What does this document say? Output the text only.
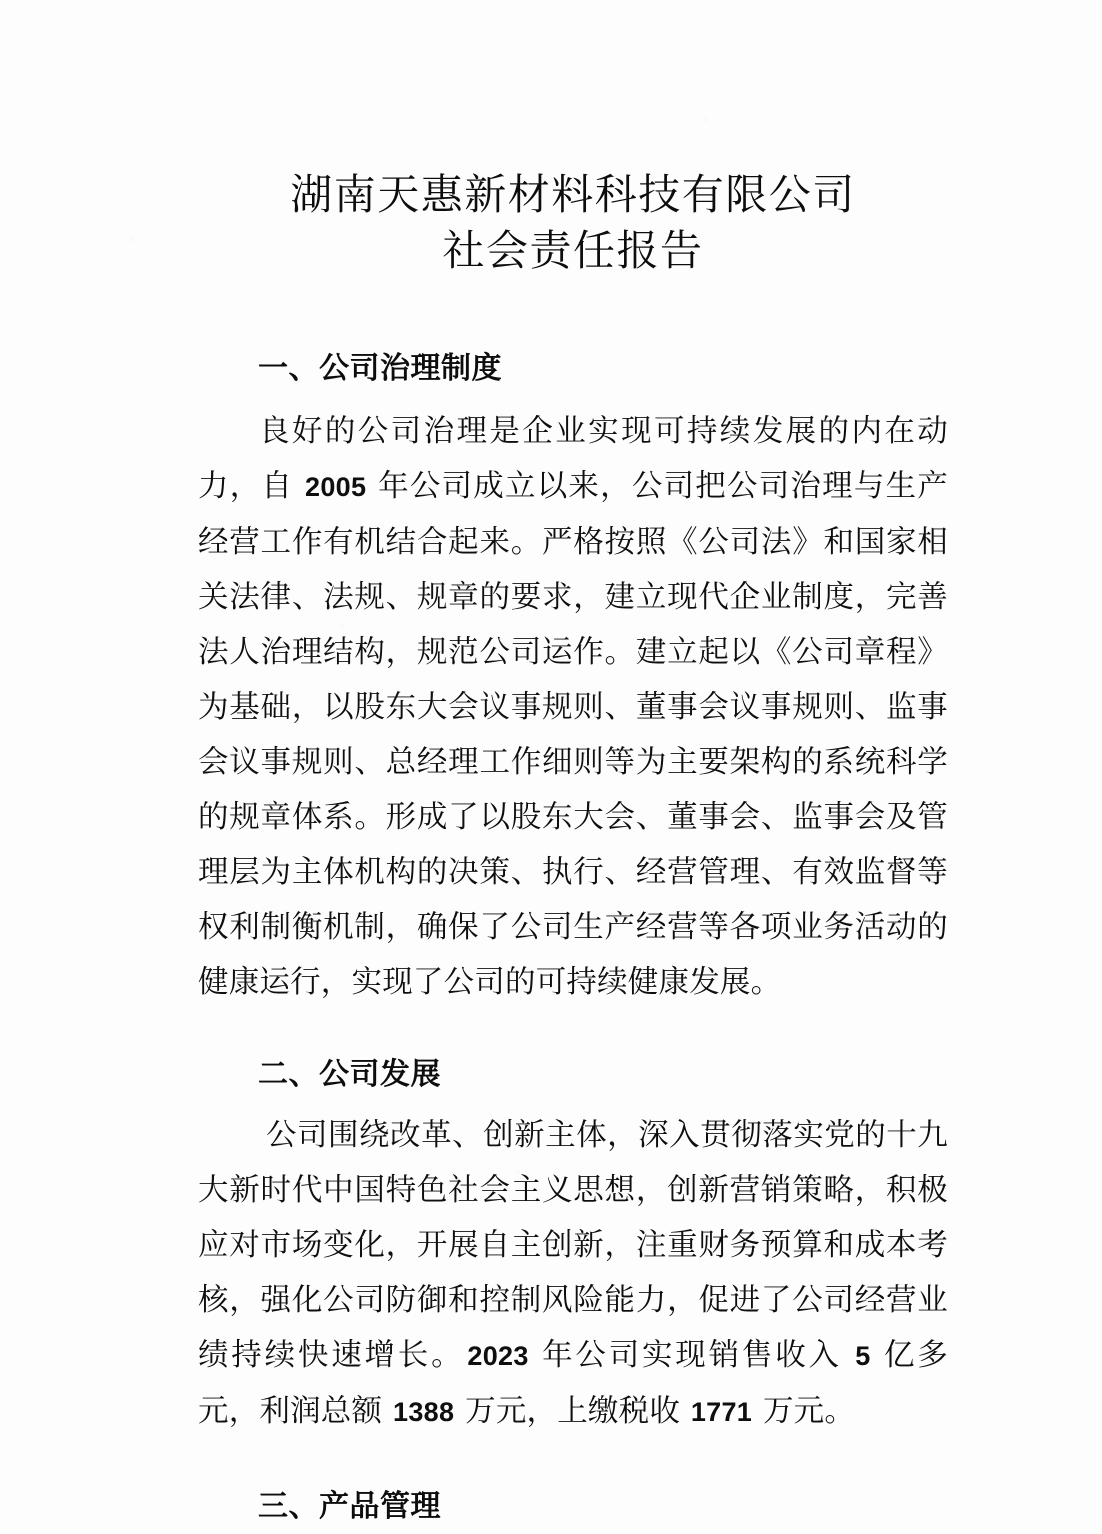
湖南天惠新材料科技有限公司
社会责任报告
一、公司治理制度

良好的公司治理是企业实现可持续发展的内在动力，自 2005 年公司成立以来，公司把公司治理与生产经营工作有机结合起来。严格按照《公司法》和国家相关法律、法规、规章的要求，建立现代企业制度，完善法人治理结构，规范公司运作。建立起以《公司章程》为基础，以股东大会议事规则、董事会议事规则、监事会议事规则、总经理工作细则等为主要架构的系统科学的规章体系。形成了以股东大会、董事会、监事会及管理层为主体机构的决策、执行、经营管理、有效监督等权利制衡机制，确保了公司生产经营等各项业务活动的健康运行，实现了公司的可持续健康发展。

二、公司发展

公司围绕改革、创新主体，深入贯彻落实党的十九大新时代中国特色社会主义思想，创新营销策略，积极应对市场变化，开展自主创新，注重财务预算和成本考核，强化公司防御和控制风险能力，促进了公司经营业绩持续快速增长。 2023 年公司实现销售收入 5 亿多元，利润总额 1388 万元，上缴税收 1771 万元。

三、产品管理
